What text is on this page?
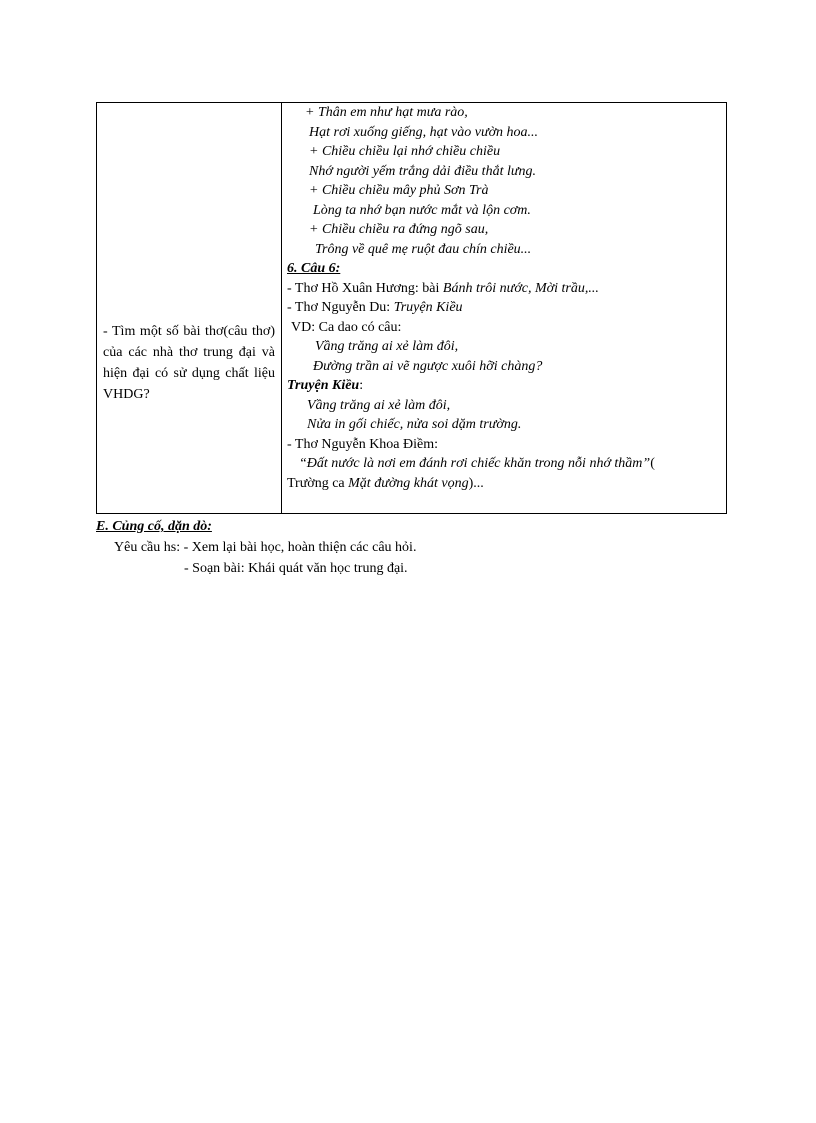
- Tìm một số bài thơ(câu thơ) của các nhà thơ trung đại và hiện đại có sử dụng chất liệu VHDG?
+ Thân em như hạt mưa rào,
Hạt rơi xuống giếng, hạt vào vườn hoa...
+ Chiều chiều lại nhớ chiều chiều
Nhớ người yếm trắng dải điều thắt lưng.
+ Chiều chiều mây phủ Sơn Trà
Lòng ta nhớ bạn nước mắt và lộn cơm.
+ Chiều chiều ra đứng ngõ sau,
Trông về quê mẹ ruột đau chín chiều...
6. Câu 6:
- Thơ Hồ Xuân Hương: bài Bánh trôi nước, Mời trầu,...
- Thơ Nguyễn Du: Truyện Kiều
VD: Ca dao có câu:
Vầng trăng ai xẻ làm đôi,
Đường trần ai vẽ ngược xuôi hỡi chàng?
Truyện Kiều:
Vầng trăng ai xẻ làm đôi,
Nửa in gối chiếc, nửa soi dặm trường.
- Thơ Nguyễn Khoa Điềm:
“Đất nước là nơi em đánh rơi chiếc khăn trong nỗi nhớ thầm”(
Trường ca Mặt đường khát vọng)...
E. Củng cố, dặn dò:
Yêu cầu hs: - Xem lại bài học, hoàn thiện các câu hỏi.
- Soạn bài: Khái quát văn học trung đại.
